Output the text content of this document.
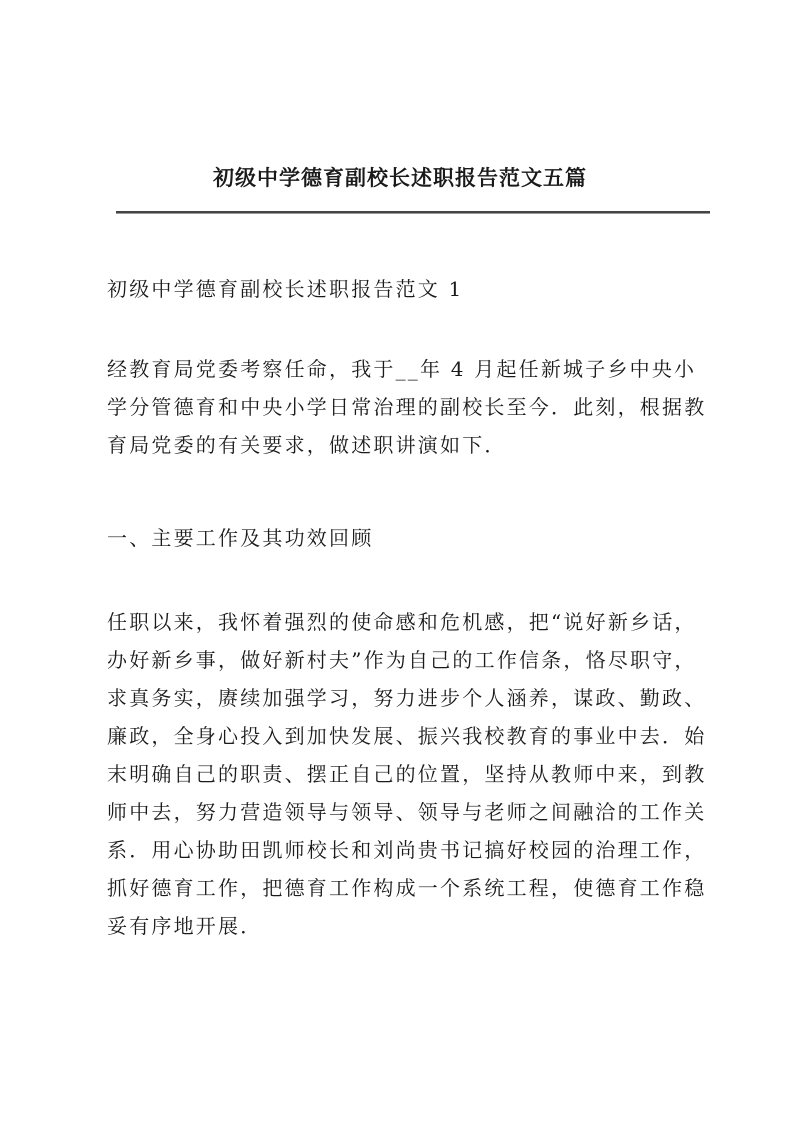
初级中学德育副校长述职报告范文五篇

初级中学德育副校长述职报告范文 1

经教育局党委考察任命，我于__年 4 月起任新城子乡中央小学分管德育和中央小学日常治理的副校长至今．此刻，根据教育局党委的有关要求，做述职讲演如下．

一、主要工作及其功效回顾

任职以来，我怀着强烈的使命感和危机感，把“说好新乡话，办好新乡事，做好新村夫”作为自己的工作信条，恪尽职守，求真务实，赓续加强学习，努力进步个人涵养，谋政、勤政、廉政，全身心投入到加快发展、振兴我校教育的事业中去．始末明确自己的职责、摆正自己的位置，坚持从教师中来，到教师中去，努力营造领导与领导、领导与老师之间融洽的工作关系．用心协助田凯师校长和刘尚贵书记搞好校园的治理工作，抓好德育工作，把德育工作构成一个系统工程，使德育工作稳妥有序地开展．
